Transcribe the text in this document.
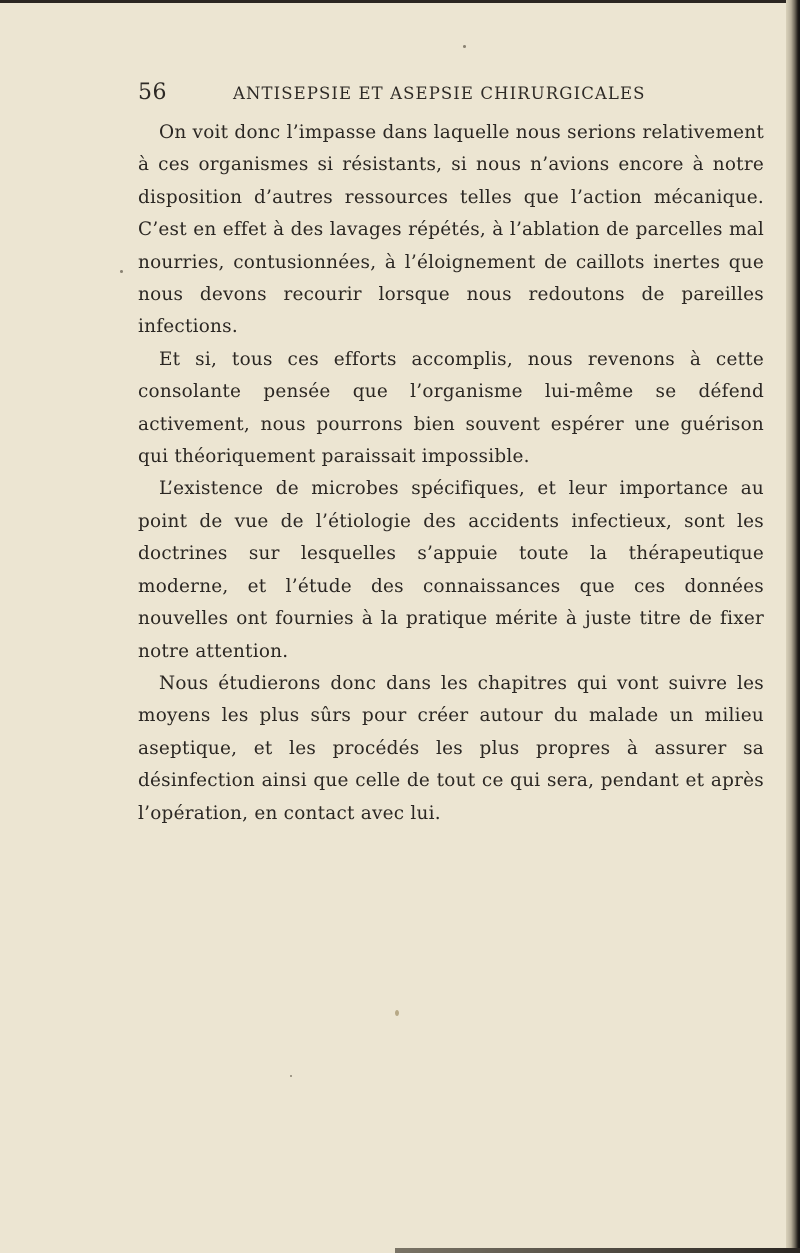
56	ANTISEPSIE ET ASEPSIE CHIRURGICALES

On voit donc l’impasse dans laquelle nous serions relativement à ces organismes si résistants, si nous n’avions encore à notre disposition d’autres ressources telles que l’action mécanique. C’est en effet à des lavages répétés, à l’ablation de parcelles mal nourries, contusionnées, à l’éloignement de caillots inertes que nous devons recourir lorsque nous redoutons de pareilles infections.

Et si, tous ces efforts accomplis, nous revenons à cette consolante pensée que l’organisme lui-même se défend activement, nous pourrons bien souvent espérer une guérison qui théoriquement paraissait impossible.

L’existence de microbes spécifiques, et leur importance au point de vue de l’étiologie des accidents infectieux, sont les doctrines sur lesquelles s’appuie toute la thérapeutique moderne, et l’étude des connaissances que ces données nouvelles ont fournies à la pratique mérite à juste titre de fixer notre attention.

Nous étudierons donc dans les chapitres qui vont suivre les moyens les plus sûrs pour créer autour du malade un milieu aseptique, et les procédés les plus propres à assurer sa désinfection ainsi que celle de tout ce qui sera, pendant et après l’opération, en contact avec lui.
